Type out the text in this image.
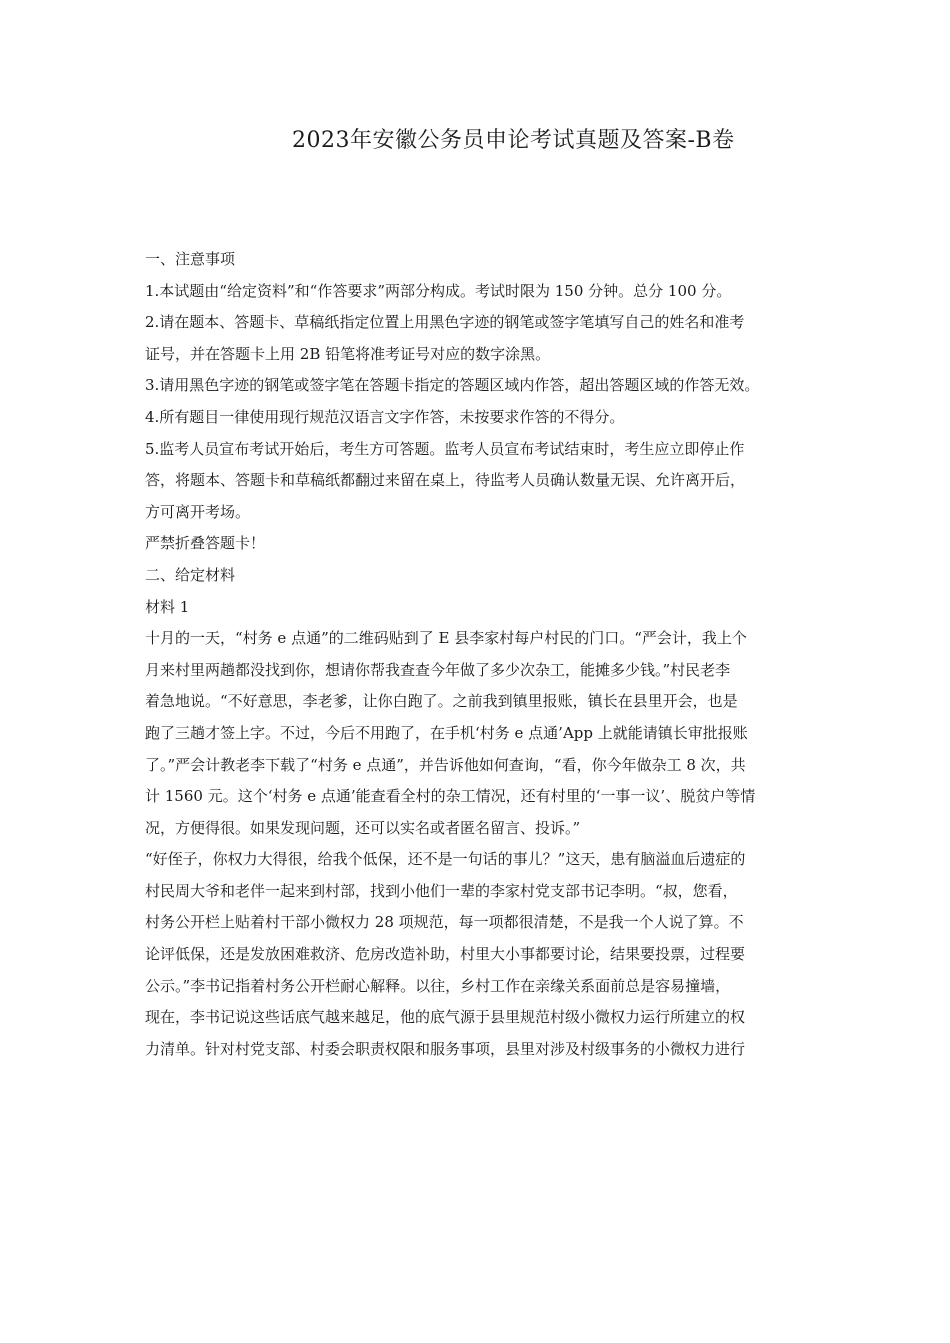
2023年安徽公务员申论考试真题及答案-B卷
一、注意事项
1.本试题由“给定资料”和“作答要求”两部分构成。考试时限为 150 分钟。总分 100 分。
2.请在题本、答题卡、草稿纸指定位置上用黑色字迹的钢笔或签字笔填写自己的姓名和准考
证号，并在答题卡上用 2B 铅笔将准考证号对应的数字涂黑。
3.请用黑色字迹的钢笔或签字笔在答题卡指定的答题区域内作答，超出答题区域的作答无效。
4.所有题目一律使用现行规范汉语言文字作答，未按要求作答的不得分。
5.监考人员宣布考试开始后，考生方可答题。监考人员宣布考试结束时，考生应立即停止作
答，将题本、答题卡和草稿纸都翻过来留在桌上，待监考人员确认数量无误、允许离开后，
方可离开考场。
严禁折叠答题卡！
二、给定材料
材料 1
十月的一天，“村务 e 点通”的二维码贴到了 E 县李家村每户村民的门口。“严会计，我上个
月来村里两趟都没找到你，想请你帮我查查今年做了多少次杂工，能摊多少钱。”村民老李
着急地说。“不好意思，李老爹，让你白跑了。之前我到镇里报账，镇长在县里开会，也是
跑了三趟才签上字。不过，今后不用跑了，在手机‘村务 e 点通’App 上就能请镇长审批报账
了。”严会计教老李下载了“村务 e 点通”，并告诉他如何查询，“看，你今年做杂工 8 次，共
计 1560 元。这个‘村务 e 点通’能查看全村的杂工情况，还有村里的‘一事一议’、脱贫户等情
况，方便得很。如果发现问题，还可以实名或者匿名留言、投诉。”
“好侄子，你权力大得很，给我个低保，还不是一句话的事儿？”这天，患有脑溢血后遗症的
村民周大爷和老伴一起来到村部，找到小他们一辈的李家村党支部书记李明。“叔，您看，
村务公开栏上贴着村干部小微权力 28 项规范，每一项都很清楚，不是我一个人说了算。不
论评低保，还是发放困难救济、危房改造补助，村里大小事都要讨论，结果要投票，过程要
公示。”李书记指着村务公开栏耐心解释。以往，乡村工作在亲缘关系面前总是容易撞墙，
现在，李书记说这些话底气越来越足，他的底气源于县里规范村级小微权力运行所建立的权
力清单。针对村党支部、村委会职责权限和服务事项，县里对涉及村级事务的小微权力进行
